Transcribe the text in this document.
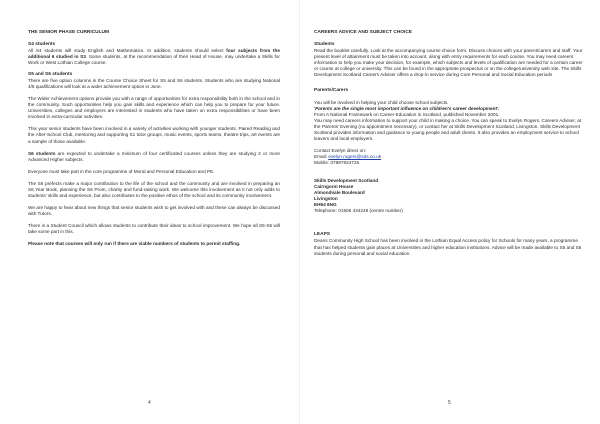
THE SENIOR PHASE CURRICULUM

S4 students

All S4 students will study English and Mathematics. In addition, students should select four subjects from the additional 6 studied in S3. Some students, at the recommendation of their Head of House, may undertake a Skills for Work or West Lothian College course.

S5 and S6 students

There are five option columns in the Course Choice Sheet for S5 and S6 students. Students who are studying National 4/5 qualifications will look at a wider achievement option in June.

The Wider Achievement options provide you with a range of opportunities for extra responsibility both in the school and in the community. Such opportunities help you gain skills and experience which can help you to prepare for your future. Universities, colleges and employers are interested in students who have taken on extra responsibilities or have been involved in extra-curricular activities.

This year senior students have been involved in a variety of activities working with younger students. Paired Reading and the After-School Club, mentoring and supporting S1 tutor groups, music events, sports teams, theatre trips, art events are a sample of those available.

S6 students are expected to undertake a minimum of four certificated courses unless they are studying 2 or more Advanced Higher subjects.

Everyone must take part in the core programme of Moral and Personal Education and PE.

The S6 prefects make a major contribution to the life of the school and the community and are involved in preparing an S6 Year Book, planning the S6 Prom, charity and fund-raising work. We welcome this involvement as it not only adds to students' skills and experience, but also contributes to the positive ethos of the school and its community involvement.

We are happy to hear about new things that senior students wish to get involved with and these can always be discussed with Tutors.

There is a Student Council which allows students to contribute their ideas to school improvement. We hope all S5-S6 will take some part in this.

Please note that courses will only run if there are viable numbers of students to permit staffing.

4

CAREERS ADVICE AND SUBJECT CHOICE

Students

Read the booklet carefully. Look at the accompanying course choice form. Discuss choices with your parent/carers and staff. Your present level of attainment must be taken into account, along with entry requirements for each course. You may need careers information to help you make your decision, for example, which subjects and levels of qualification are needed for a certain career or course at college or university. This can be found in the appropriate prospectus or on the college/university web site. The Skills Development Scotland Careers Adviser offers a drop-in service during Core Personal and Social Education periods

Parents/Carers

You will be involved in helping your child choose school subjects.

'Parents are the single most important influence on children's career development'.

From A National Framework on Career Education in Scotland, published November 2001.

You may need careers information to support your child in making a choice. You can speak to Evelyn Rogers, Careers Adviser, at the Parents' Evening (no appointment necessary), or contact her at Skills Development Scotland, Livingston. Skills Development Scotland provides information and guidance to young people and adult clients. It also provides an employment service to school leavers and local employers.

Contact Evelyn direct on:

Email: evelyn.rogers@sds.co.uk

Mobile: 07887824725

Skills Development Scotland

Cairngorm House

Almondvale Boulevard

Livingston

EH54 6NG

Telephone: 01506 434249 (centre number)

LEAPS

Deans Community High School has been involved in the Lothian Equal Access policy for Schools for many years, a programme that has helped students gain places at Universities and higher education institutions. Advice will be made available to S5 and S6 students during personal and social education.

5
